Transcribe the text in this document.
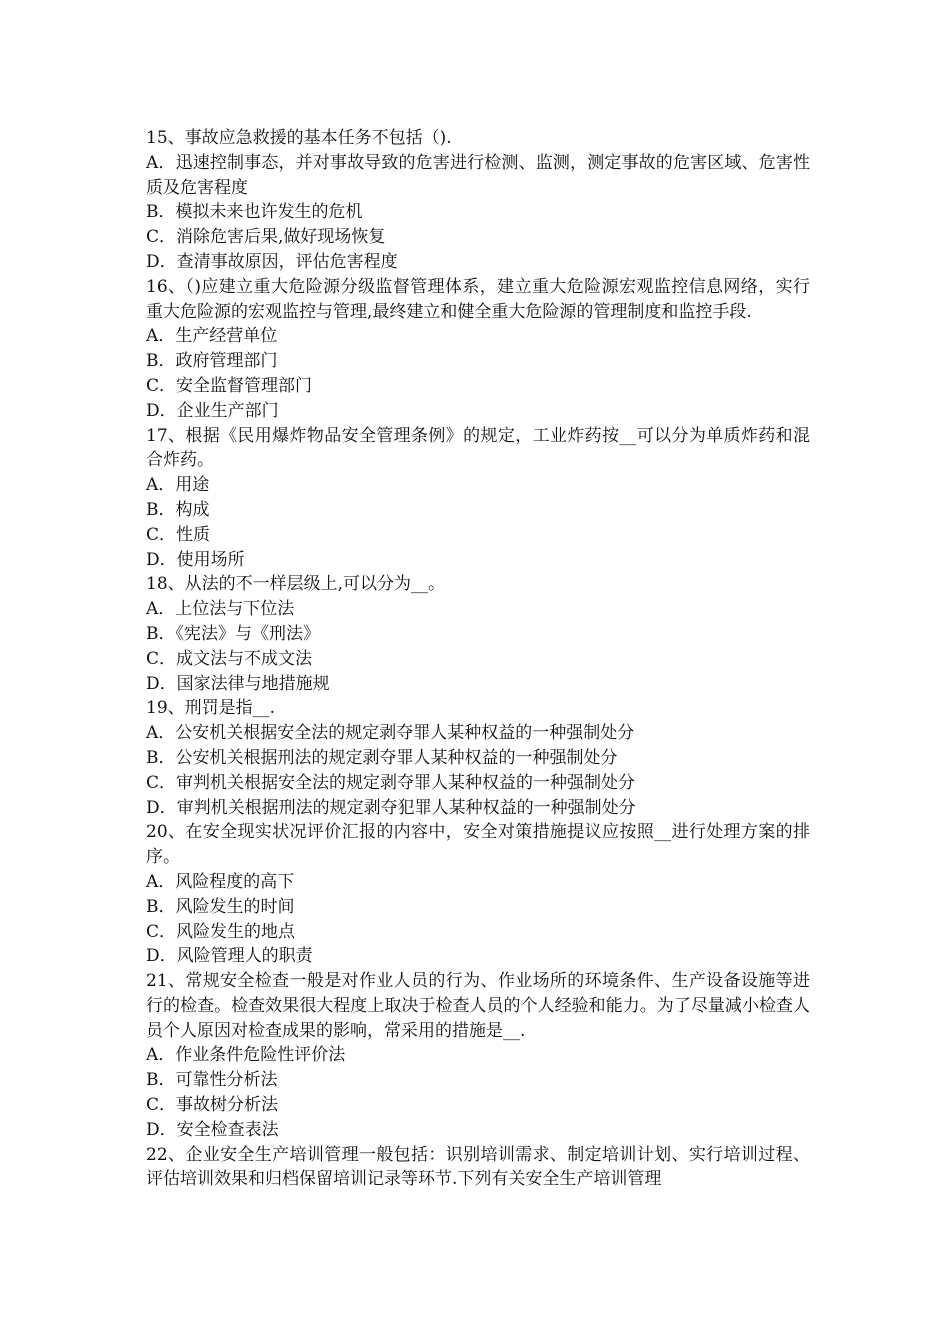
15、事故应急救援的基本任务不包括（).

A．迅速控制事态，并对事故导致的危害进行检测、监测，测定事故的危害区域、危害性质及危害程度

B．模拟未来也许发生的危机

C．消除危害后果,做好现场恢复

D．查清事故原因，评估危害程度

16、（)应建立重大危险源分级监督管理体系，建立重大危险源宏观监控信息网络，实行重大危险源的宏观监控与管理,最终建立和健全重大危险源的管理制度和监控手段.

A．生产经营单位

B．政府管理部门

C．安全监督管理部门

D．企业生产部门

17、根据《民用爆炸物品安全管理条例》的规定，工业炸药按__可以分为单质炸药和混合炸药。

A．用途

B．构成

C．性质

D．使用场所

18、从法的不一样层级上,可以分为__。

A．上位法与下位法

B．《宪法》与《刑法》

C．成文法与不成文法

D．国家法律与地措施规

19、刑罚是指__.

A．公安机关根据安全法的规定剥夺罪人某种权益的一种强制处分

B．公安机关根据刑法的规定剥夺罪人某种权益的一种强制处分

C．审判机关根据安全法的规定剥夺罪人某种权益的一种强制处分

D．审判机关根据刑法的规定剥夺犯罪人某种权益的一种强制处分

20、在安全现实状况评价汇报的内容中，安全对策措施提议应按照__进行处理方案的排序。

A．风险程度的高下

B．风险发生的时间

C．风险发生的地点

D．风险管理人的职责

21、常规安全检查一般是对作业人员的行为、作业场所的环境条件、生产设备设施等进行的检查。检查效果很大程度上取决于检查人员的个人经验和能力。为了尽量减小检查人员个人原因对检查成果的影响，常采用的措施是__.

A．作业条件危险性评价法

B．可靠性分析法

C．事故树分析法

D．安全检查表法

22、企业安全生产培训管理一般包括：识别培训需求、制定培训计划、实行培训过程、评估培训效果和归档保留培训记录等环节.下列有关安全生产培训管理
